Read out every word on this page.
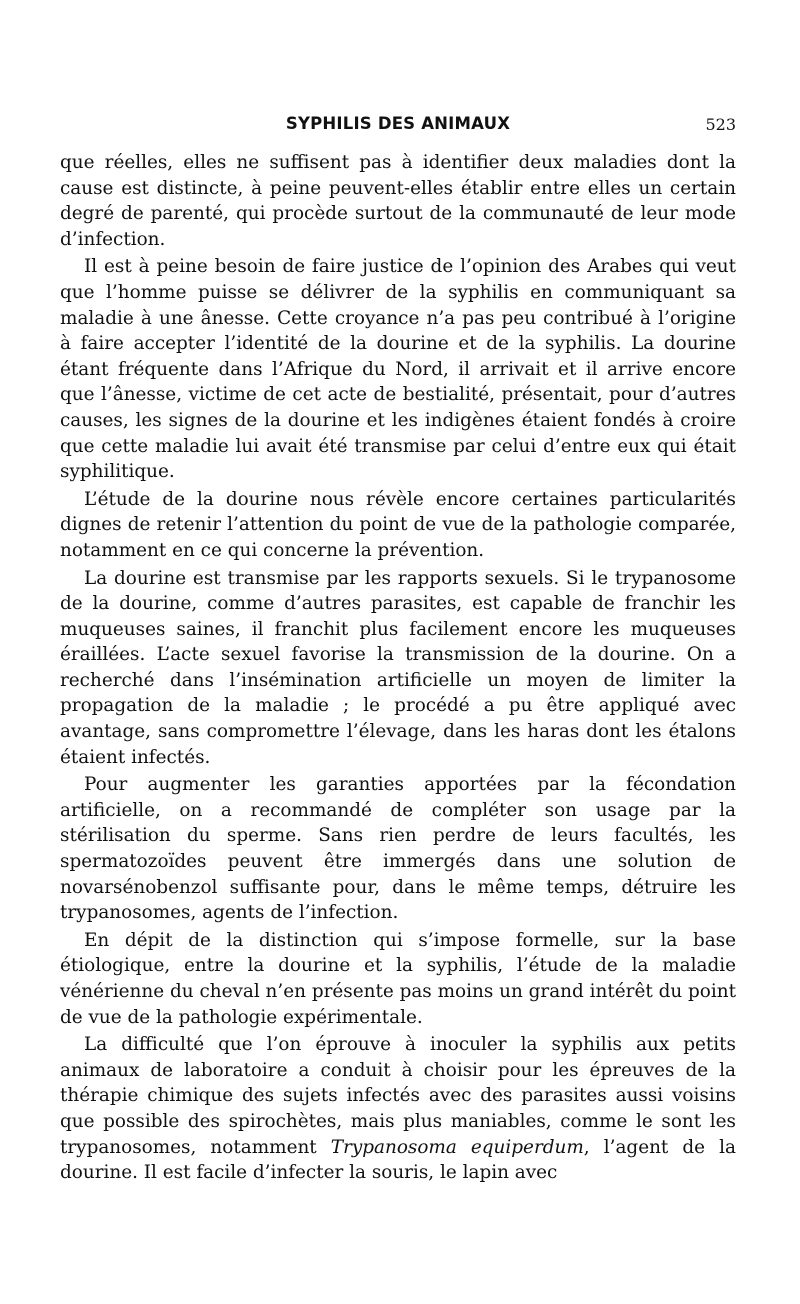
SYPHILIS DES ANIMAUX	523

que réelles, elles ne suffisent pas à identifier deux maladies dont la cause est distincte, à peine peuvent-elles établir entre elles un certain degré de parenté, qui procède surtout de la communauté de leur mode d’infection.

Il est à peine besoin de faire justice de l’opinion des Arabes qui veut que l’homme puisse se délivrer de la syphilis en communiquant sa maladie à une ânesse. Cette croyance n’a pas peu contribué à l’origine à faire accepter l’identité de la dourine et de la syphilis. La dourine étant fréquente dans l’Afrique du Nord, il arrivait et il arrive encore que l’ânesse, victime de cet acte de bestialité, présentait, pour d’autres causes, les signes de la dourine et les indigènes étaient fondés à croire que cette maladie lui avait été transmise par celui d’entre eux qui était syphilitique.

L’étude de la dourine nous révèle encore certaines particularités dignes de retenir l’attention du point de vue de la pathologie comparée, notamment en ce qui concerne la prévention.

La dourine est transmise par les rapports sexuels. Si le trypanosome de la dourine, comme d’autres parasites, est capable de franchir les muqueuses saines, il franchit plus facilement encore les muqueuses éraillées. L’acte sexuel favorise la transmission de la dourine. On a recherché dans l’insémination artificielle un moyen de limiter la propagation de la maladie ; le procédé a pu être appliqué avec avantage, sans compromettre l’élevage, dans les haras dont les étalons étaient infectés.

Pour augmenter les garanties apportées par la fécondation artificielle, on a recommandé de compléter son usage par la stérilisation du sperme. Sans rien perdre de leurs facultés, les spermatozoïdes peuvent être immergés dans une solution de novarsénobenzol suffisante pour, dans le même temps, détruire les trypanosomes, agents de l’infection.

En dépit de la distinction qui s’impose formelle, sur la base étiologique, entre la dourine et la syphilis, l’étude de la maladie vénérienne du cheval n’en présente pas moins un grand intérêt du point de vue de la pathologie expérimentale.

La difficulté que l’on éprouve à inoculer la syphilis aux petits animaux de laboratoire a conduit à choisir pour les épreuves de la thérapie chimique des sujets infectés avec des parasites aussi voisins que possible des spirochètes, mais plus maniables, comme le sont les trypanosomes, notamment Trypanosoma equiperdum, l’agent de la dourine. Il est facile d’infecter la souris, le lapin avec
